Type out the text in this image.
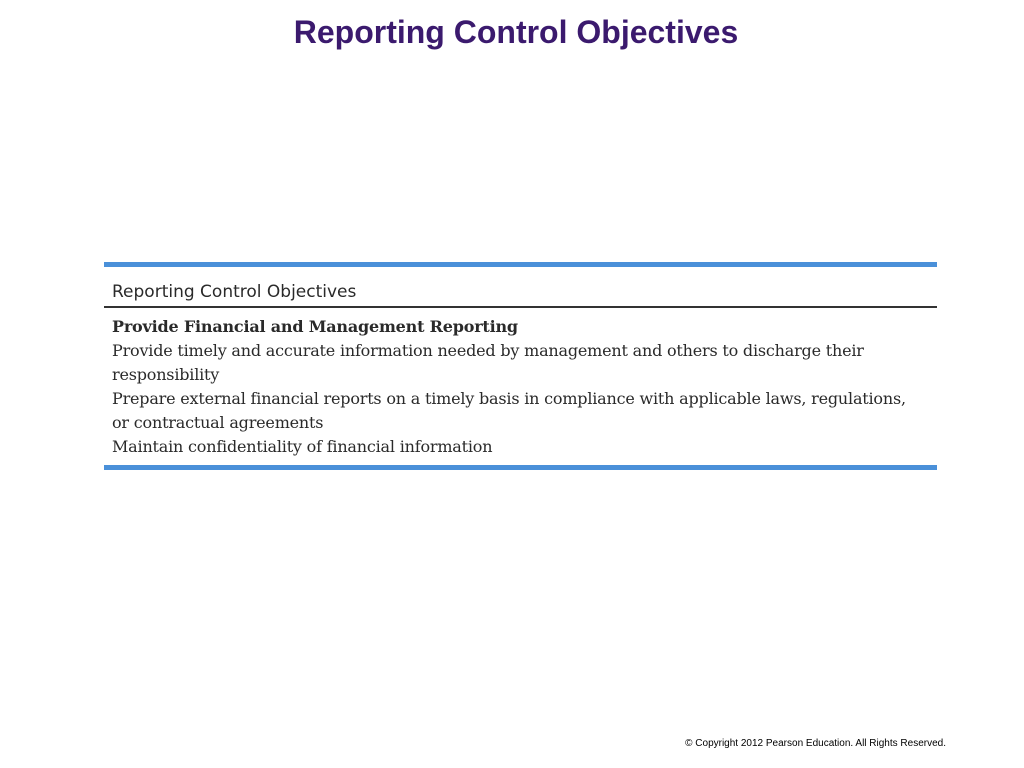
Reporting Control Objectives
Reporting Control Objectives
Provide Financial and Management Reporting
Provide timely and accurate information needed by management and others to discharge their responsibility
Prepare external financial reports on a timely basis in compliance with applicable laws, regulations, or contractual agreements
Maintain confidentiality of financial information
© Copyright 2012 Pearson Education. All Rights Reserved.
